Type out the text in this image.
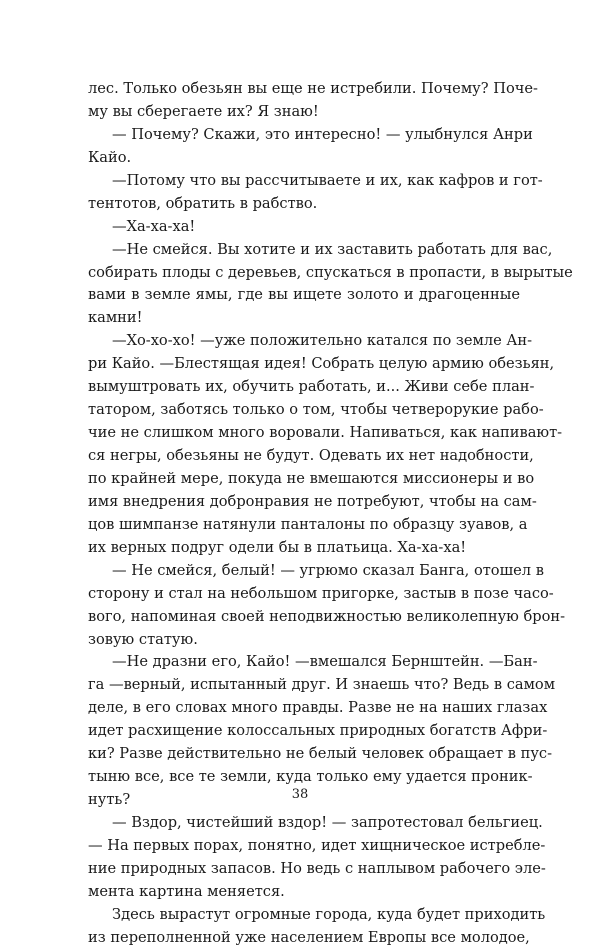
лес. Только обезьян вы еще не истребили. Почему? Поче-
му вы сберегаете их? Я знаю!
— Почему? Скажи, это интересно! — улыбнулся Анри
Кайо.
—Потому что вы рассчитываете и их, как кафров и гот-
тентотов, обратить в рабство.
—Ха-ха-ха!
—Не смейся. Вы хотите и их заставить работать для вас,
собирать плоды с деревьев, спускаться в пропасти, в вырытые
вами в земле ямы, где вы ищете золото и драгоценные
камни!
—Хо-хо-хо! —уже положительно катался по земле Ан-
ри Кайо. —Блестящая идея! Собрать целую армию обезьян,
вымуштровать их, обучить работать, и... Живи себе план-
татором, заботясь только о том, чтобы четверорукие рабо-
чие не слишком много воровали. Напиваться, как напивают-
ся негры, обезьяны не будут. Одевать их нет надобности,
по крайней мере, покуда не вмешаются миссионеры и во
имя внедрения добронравия не потребуют, чтобы на сам-
цов шимпанзе натянули панталоны по образцу зуавов, а
их верных подруг одели бы в платьица. Ха-ха-ха!
— Не смейся, белый! — угрюмо сказал Банга, отошел в
сторону и стал на небольшом пригорке, застыв в позе часо-
вого, напоминая своей неподвижностью великолепную брон-
зовую статую.
—Не дразни его, Кайо! —вмешался Бернштейн. —Бан-
га —верный, испытанный друг. И знаешь что? Ведь в самом
деле, в его словах много правды. Разве не на наших глазах
идет расхищение колоссальных природных богатств Афри-
ки? Разве действительно не белый человек обращает в пус-
тыню все, все те земли, куда только ему удается проник-
нуть?
— Вздор, чистейший вздор! — запротестовал бельгиец.
— На первых порах, понятно, идет хищническое истребле-
ние природных запасов. Но ведь с наплывом рабочего эле-
мента картина меняется.
Здесь вырастут огромные города, куда будет приходить
из переполненной уже населением Европы все молодое,
38
